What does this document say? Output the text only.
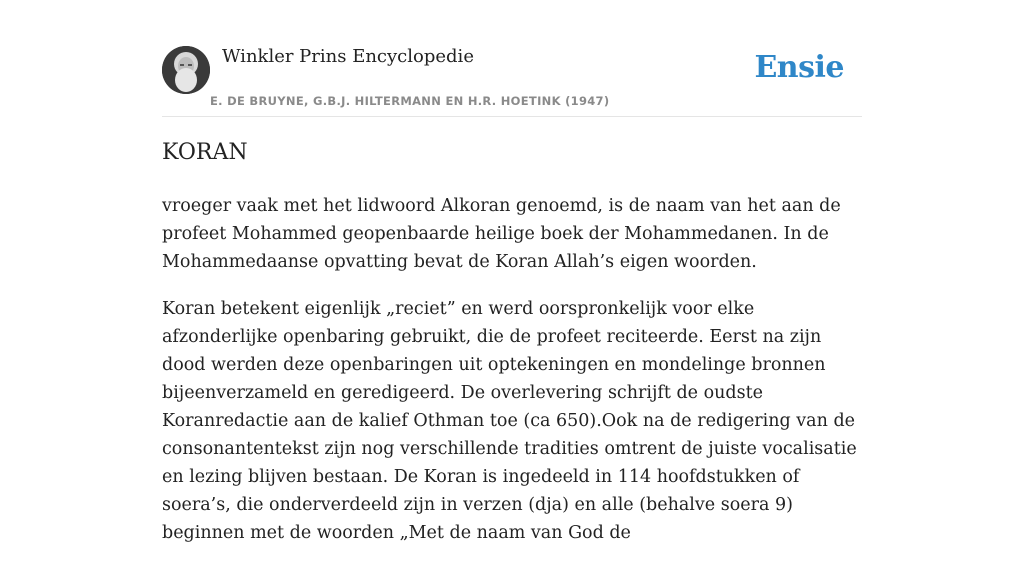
Winkler Prins Encyclopedie
E. DE BRUYNE, G.B.J. HILTERMANN EN H.R. HOETINK (1947)
Ensie
KORAN

vroeger vaak met het lidwoord Alkoran genoemd, is de naam van het aan de profeet Mohammed geopenbaarde heilige boek der Mohammedanen. In de Mohammedaanse opvatting bevat de Koran Allah’s eigen woorden.

Koran betekent eigenlijk „reciet” en werd oorspronkelijk voor elke afzonderlijke openbaring gebruikt, die de profeet reciteerde. Eerst na zijn dood werden deze openbaringen uit optekeningen en mondelinge bronnen bijeenverzameld en geredigeerd. De overlevering schrijft de oudste Koranredactie aan de kalief Othman toe (ca 650).Ook na de redigering van de consonantentekst zijn nog verschillende tradities omtrent de juiste vocalisatie en lezing blijven bestaan. De Koran is ingedeeld in 114 hoofdstukken of soera’s, die onderverdeeld zijn in verzen (dja) en alle (behalve soera 9) beginnen met de woorden „Met de naam van God de
